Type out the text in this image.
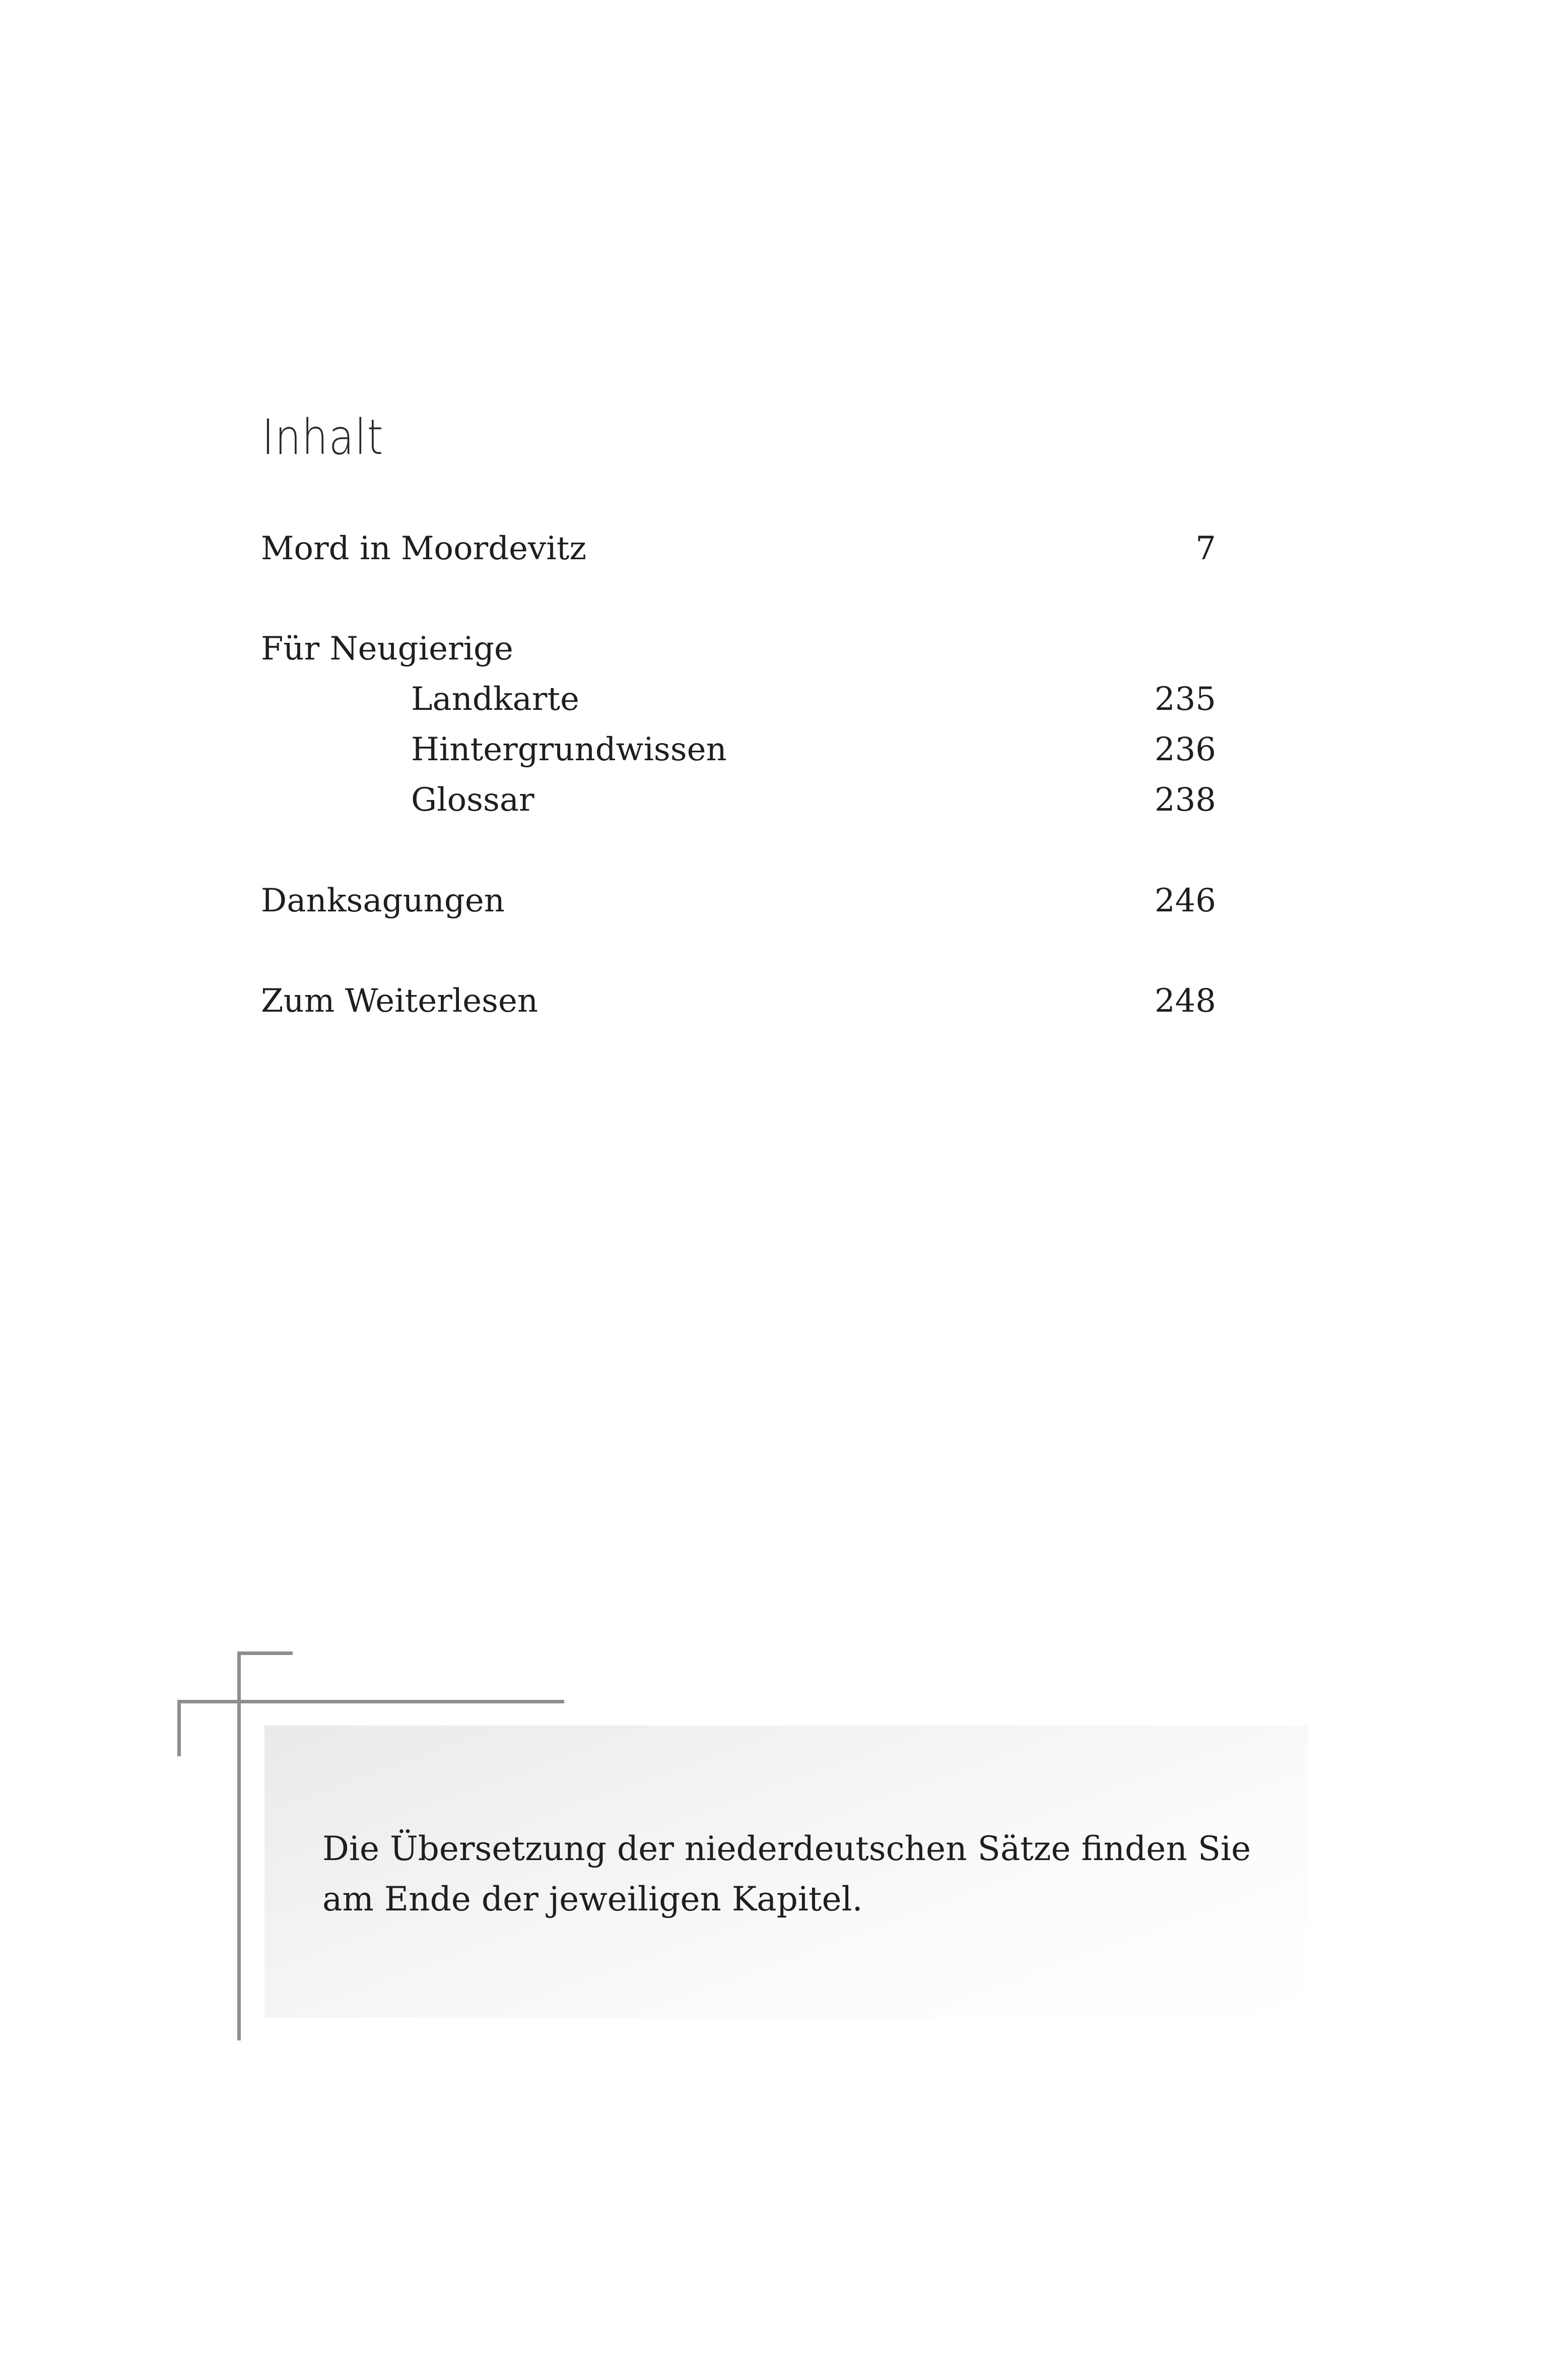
Inhalt
Mord in Moordevitz	7
Für Neugierige
Landkarte	235
Hintergrundwissen	236
Glossar	238
Danksagungen	246
Zum Weiterlesen	248
Die Übersetzung der niederdeutschen Sätze finden Sie am Ende der jeweiligen Kapitel.
